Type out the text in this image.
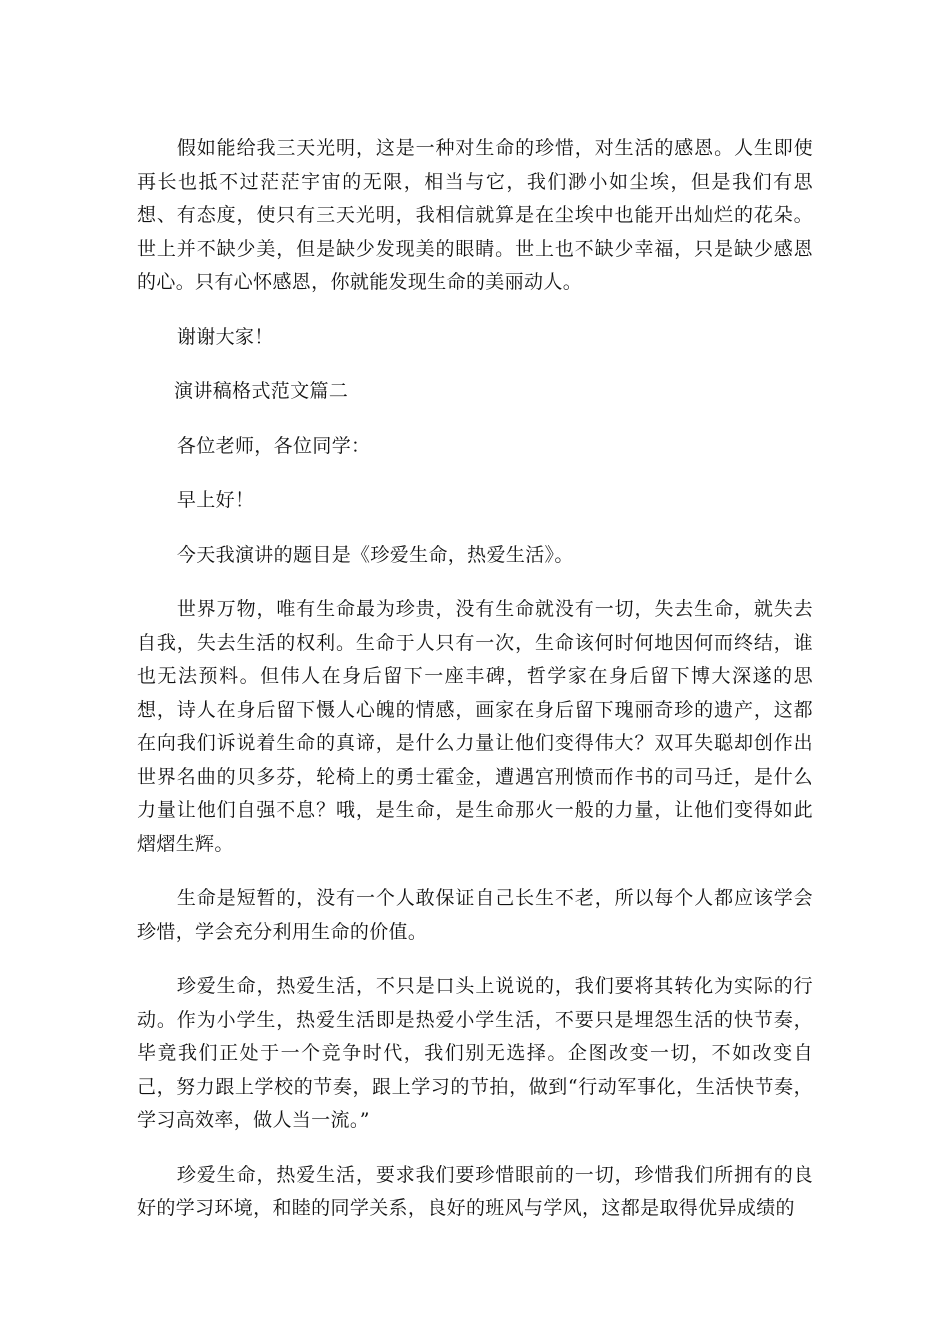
假如能给我三天光明，这是一种对生命的珍惜，对生活的感恩。人生即使再长也抵不过茫茫宇宙的无限，相当与它，我们渺小如尘埃，但是我们有思想、有态度，使只有三天光明，我相信就算是在尘埃中也能开出灿烂的花朵。世上并不缺少美，但是缺少发现美的眼睛。世上也不缺少幸福，只是缺少感恩的心。只有心怀感恩，你就能发现生命的美丽动人。

谢谢大家！

演讲稿格式范文篇二

各位老师，各位同学：

早上好！

今天我演讲的题目是《珍爱生命，热爱生活》。

世界万物，唯有生命最为珍贵，没有生命就没有一切，失去生命，就失去自我，失去生活的权利。生命于人只有一次，生命该何时何地因何而终结，谁也无法预料。但伟人在身后留下一座丰碑，哲学家在身后留下博大深遂的思想，诗人在身后留下慑人心魄的情感，画家在身后留下瑰丽奇珍的遗产，这都在向我们诉说着生命的真谛，是什么力量让他们变得伟大？双耳失聪却创作出世界名曲的贝多芬，轮椅上的勇士霍金，遭遇宫刑愤而作书的司马迁，是什么力量让他们自强不息？哦，是生命，是生命那火一般的力量，让他们变得如此熠熠生辉。

生命是短暂的，没有一个人敢保证自己长生不老，所以每个人都应该学会珍惜，学会充分利用生命的价值。

珍爱生命，热爱生活，不只是口头上说说的，我们要将其转化为实际的行动。作为小学生，热爱生活即是热爱小学生活，不要只是埋怨生活的快节奏，毕竟我们正处于一个竞争时代，我们别无选择。企图改变一切，不如改变自己，努力跟上学校的节奏，跟上学习的节拍，做到“行动军事化，生活快节奏，学习高效率，做人当一流。”

珍爱生命，热爱生活，要求我们要珍惜眼前的一切，珍惜我们所拥有的良好的学习环境，和睦的同学关系，良好的班风与学风，这都是取得优异成绩的
